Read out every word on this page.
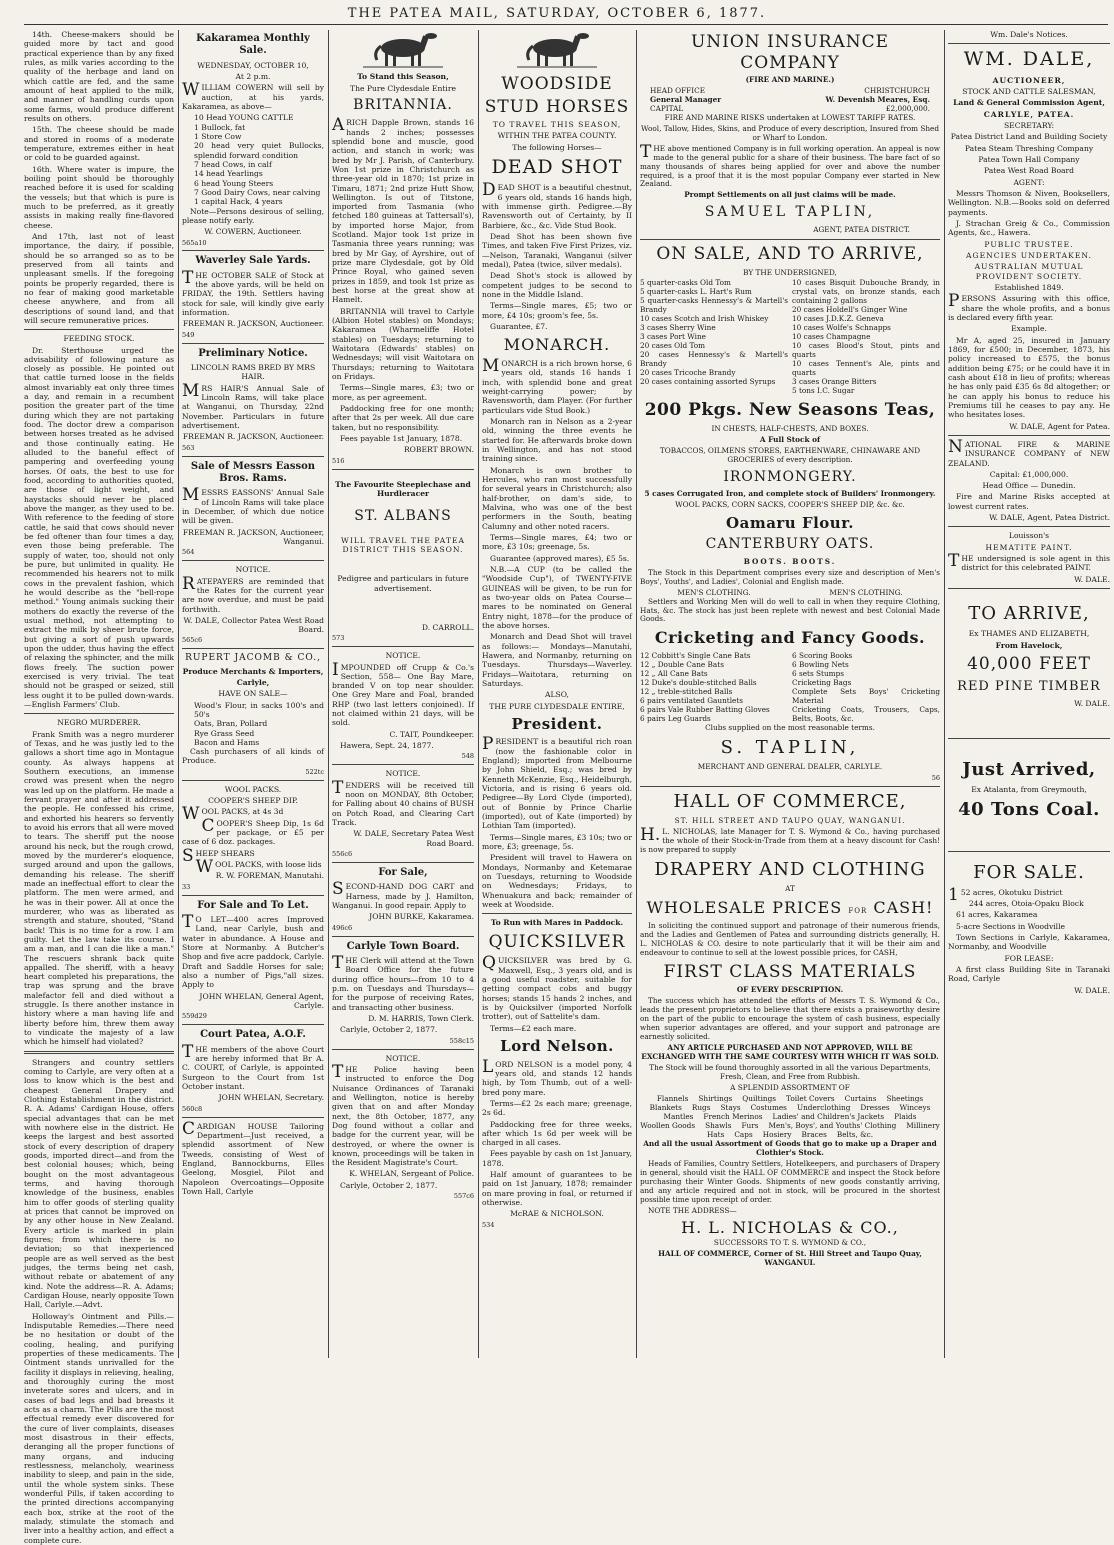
THE PATEA MAIL, SATURDAY, OCTOBER 6, 1877.

14th. Cheese-makers should be guided more by tact and good practical experience than by any fixed rules, as milk varies according to the quality of the herbage and land on which cattle are fed, and the same amount of heat applied to the milk, and manner of handling curds upon some farms, would produce different results on others.

15th. The cheese should be made and stored in rooms of a moderate temperature, extremes either in heat or cold to be guarded against.

16th. Where water is impure, the boiling point should be thoroughly reached before it is used for scalding the vessels; but that which is pure is much to be preferred, as it greatly assists in making really fine-flavored cheese.

And 17th, last not of least importance, the dairy, if possible, should be so arranged so as to be preserved from all taints and unpleasant smells. If the foregoing points be properly regarded, there is no fear of making good marketable cheese anywhere, and from all descriptions of sound land, and that will secure remunerative prices.

FEEDING STOCK.

Dr. Sterthouse urged the advisability of following nature as closely as possible. He pointed out that cattle turned loose in the fields almost invariably eat only three times a day, and remain in a recumbent position the greater part of the time during which they are not partaking food. The doctor drew a comparison between horses treated as he advised and those continually eating. He alluded to the baneful effect of pampering and overfeeding young horses. Of oats, the best to use for food, according to authorities quoted, are those of light weight, and haystacks should never be placed above the manger, as they used to be. With reference to the feeding of store cattle, he said that cows should never be fed oftener than four times a day, even those being preferable. The supply of water, too, should not only be pure, but unlimited in quality. He recommended his hearers not to milk cows in the prevalent fashion, which he would describe as the "bell-rope method." Young animals sucking their mothers do exactly the reverse of the usual method, not attempting to extract the milk by sheer brute force, but giving a sort of push upwards upon the udder, thus having the effect of relaxing the sphincter, and the milk flows freely. The suction power exercised is very trivial. The teat should not be grasped or seized, still less ought it to be pulled down-wards.—English Farmers' Club.

NEGRO MURDERER.

Frank Smith was a negro murderer of Texas, and he was justly led to the gallows a short time ago in Montague county. As always happens at Southern executions, an immense crowd was present when the negro was led up on the platform. He made a fervant prayer and after it addressed the people. He confessed his crime, and exhorted his hearers so fervently to avoid his errors that all were moved to tears. The sheriff put the noose around his neck, but the rough crowd, moved by the murderer's eloquence, surged around and upon the gallows, demanding his release. The sheriff made an ineffectual effort to clear the platform. The men were armed, and he was in their power. All at once the murderer, who was as liberated as strength and stature, shouted, "Stand back! This is no time for a row. I am guilty. Let the law take its course. I am a man, and I can die like a man." The rescuers shrank back quite appalled. The sheriff, with a heavy heart completed his preparations, the trap was sprung and the brave malefactor fell and died without a struggle. Is there another instance in history where a man having life and liberty before him, threw them away to vindicate the majesty of a law which he himself had violated?

Strangers and country settlers coming to Carlyle, are very often at a loss to know which is the best and cheapest General Drapery and Clothing Establishment in the district. R. A. Adams' Cardigan House, offers special advantages that can be met with nowhere else in the district. He keeps the largest and best assorted stock of every description of drapery goods, imported direct—and from the best colonial houses; which, being bought on the most advantageous terms, and having thorough knowledge of the business, enables him to offer goods of sterling quality at prices that cannot be improved on by any other house in New Zealand. Every article is marked in plain figures; from which there is no deviation; so that inexperienced people are as well served as the best judges, the terms being net cash, without rebate or abatement of any kind. Note the address—R. A. Adams; Cardigan House, nearly opposite Town Hall, Carlyle.—Advt.

Holloway's Ointment and Pills.—Indisputable Remedies.—There need be no hesitation or doubt of the cooling, healing, and purifying properties of these medicaments. The Ointment stands unrivalled for the facility it displays in relieving, healing, and thoroughly curing the most inveterate sores and ulcers, and in cases of bad legs and bad breasts it acts as a charm. The Pills are the most effectual remedy ever discovered for the cure of liver complaints, diseases most disastrous in their effects, deranging all the proper functions of many organs, and inducing restlessness, melancholy, weariness inability to sleep, and pain in the side, until the whole system sinks. These wonderful Pills, if taken according to the printed directions accompanying each box, strike at the root of the malady, stimulate the stomach and liver into a healthy action, and effect a complete cure.

Kakaramea Monthly Sale.

WEDNESDAY, OCTOBER 10,

At 2 p.m.

WILLIAM COWERN will sell by auction, at his yards, Kakaramea, as above—

10 Head YOUNG CATTLE
1 Bullock, fat
1 Store Cow
20 head very quiet Bullocks, splendid forward condition
7 head Cows, in calf
14 head Yearlings
6 head Young Steers
7 Good Dairy Cows, near calving
1 capital Hack, 4 years

Note—Persons desirous of selling, please notify early.

W. COWERN, Auctioneer.

565a10

Waverley Sale Yards.

THE OCTOBER SALE of Stock at the above yards, will be held on FRIDAY, the 19th. Settlers having stock for sale, will kindly give early information.

FREEMAN R. JACKSON, Auctioneer.

549

Preliminary Notice.

LINCOLN RAMS BRED BY MRS HAIR.

MRS HAIR'S Annual Sale of Lincoln Rams, will take place at Wanganui, on Thursday, 22nd November. Particulars in future advertisement.

FREEMAN R. JACKSON, Auctioneer.

563

Sale of Messrs Easson Bros. Rams.

MESSRS EASSONS' Annual Sale of Lincoln Rams will take place in December, of which due notice will be given.

FREEMAN R. JACKSON, Auctioneer, Wanganui.

564

NOTICE.

RATEPAYERS are reminded that the Rates for the current year are now overdue, and must be paid forthwith.

W. DALE, Collector Patea West Road Board.

565c6

RUPERT JACOMB & CO.,

Produce Merchants & Importers,

Carlyle,

HAVE ON SALE—

Wood's Flour, in sacks 100's and 50's
Oats, Bran, Pollard
Rye Grass Seed
Bacon and Hams

Cash purchasers of all kinds of Produce.

522tc

WOOL PACKS.

COOPER'S SHEEP DIP.

WOOL PACKS, at 4s 3d

COOPER'S Sheep Dip, 1s 6d per package, or £5 per case of 6 doz. packages.

SHEEP SHEARS

WOOL PACKS, with loose lids

R. W. FOREMAN, Manutahi.

33

For Sale and To Let.

TO LET—400 acres Improved Land, near Carlyle, bush and water in abundance. A House and Store at Normanby. A Butcher's Shop and five acre paddock, Carlyle. Draft and Saddle Horses for sale; also a number of Pigs,"all sizes. Apply to

JOHN WHELAN, General Agent, Carlyle.

559d29

Court Patea, A.O.F.

THE members of the above Court are hereby informed that Br A. C. COURT, of Carlyle, is appointed Surgeon to the Court from 1st October instant.

JOHN WHELAN, Secretary.

560c8

CARDIGAN HOUSE Tailoring Department—Just received, a splendid assortment of New Tweeds, consisting of West of England, Bannockburns, Elles Geelong, Mosgiel, Pilot and Napoleon Overcoatings—Opposite Town Hall, Carlyle

To Stand this Season,

The Pure Clydesdale Entire

BRITANNIA.

ARICH Dapple Brown, stands 16 hands 2 inches; possesses splendid bone and muscle, good action, and stanch in work; was bred by Mr J. Parish, of Canterbury. Won 1st prize in Christchurch as three-year old in 1870; 1st prize in Timaru, 1871; 2nd prize Hutt Show, Wellington. Is out of Titstone, imported from Tasmania (who fetched 180 guineas at Tattersall's), by imported horse Major, from Scotland. Major took 1st prize in Tasmania three years running; was bred by Mr Gay, of Ayrshire, out of prize mare Clydesdale, got by Old Prince Royal, who gained seven prizes in 1859, and took 1st prize as best horse at the great show at Hamelt.

BRITANNIA will travel to Carlyle (Albion Hotel stables) on Mondays; Kakaramea (Wharmeliffe Hotel stables) on Tuesdays; returning to Waitotara (Edwards' stables) on Wednesdays; will visit Waitotara on Thursdays; returning to Waitotara on Fridays.

Terms—Single mares, £3; two or more, as per agreement.

Paddocking free for one month; after that 2s per week. All due care taken, but no responsibility.

Fees payable 1st January, 1878.

ROBERT BROWN.

516

The Favourite Steeplechase and Hurdleracer

ST. ALBANS

WILL TRAVEL THE PATEA DISTRICT THIS SEASON.

Pedigree and particulars in future advertisement.

D. CARROLL.

573

NOTICE.

IMPOUNDED off Crupp & Co.'s Section, 558— One Bay Mare, branded V on top near shoulder. One Grey Mare and Foal, branded RHP (two last letters conjoined). If not claimed within 21 days, will be sold.

C. TAIT, Poundkeeper.

Hawera, Sept. 24, 1877.

548

NOTICE.

TENDERS will be received till noon on MONDAY, 8th October, for Falling about 40 chains of BUSH on Potch Road, and Clearing Cart Track.

W. DALE, Secretary Patea West Road Board.

556c6

For Sale,

SECOND-HAND DOG CART and Harness, made by J. Hamilton, Wanganui. In good repair. Apply to

JOHN BURKE, Kakaramea.

496c6

Carlyle Town Board.

THE Clerk will attend at the Town Board Office for the future during office hours—from 10 to 4 p.m. on Tuesdays and Thursdays—for the purpose of receiving Rates, and transacting other business.

D. M. HARRIS, Town Clerk.

Carlyle, October 2, 1877.

558c15

NOTICE.

THE Police having been instructed to enforce the Dog Nuisance Ordinances of Taranaki and Wellington, notice is hereby given that on and after Monday next, the 8th October, 1877, any Dog found without a collar and badge for the current year, will be destroyed, or where the owner is known, proceedings will be taken in the Resident Magistrate's Court.

K. WHELAN, Sergeant of Police.

Carlyle, October 2, 1877.

557c6

WOODSIDE
STUD HORSES

TO TRAVEL THIS SEASON,

WITHIN THE PATEA COUNTY.

The following Horses—

DEAD SHOT

DEAD SHOT is a beautiful chestnut, 6 years old, stands 16 hands high, with immense girth. Pedigree.—By Ravensworth out of Certainty, by II Barbiere, &c., &c. Vide Stud Book.

Dead Shot has been shown five Times, and taken Five First Prizes, viz.—Nelson, Taranaki, Wanganui (silver medal), Patea (twice, silver medals).

Dead Shot's stock is allowed by competent judges to be second to none in the Middle Island.

Terms—Single mares, £5; two or more, £4 10s; groom's fee, 5s.

Guarantee, £7.

MONARCH.

MONARCH is a rich brown horse, 6 years old, stands 16 hands 1 inch, with splendid bone and great weight-carrying power; by Ravensworth, dam Player. (For further particulars vide Stud Book.)

Monarch ran in Nelson as a 2-year old, winning the three events he started for. He afterwards broke down in Wellington, and has not stood training since.

Monarch is own brother to Hercules, who ran most successfully for several years in Christchurch; also half-brother, on dam's side, to Malvina, who was one of the best performers in the South, beating Calumny and other noted racers.

Terms—Single mares, £4; two or more, £3 10s; greenage, 5s.

Guarantee (approved mares), £5 5s.

N.B.—A CUP (to be called the "Woodside Cup"), of TWENTY-FIVE GUINEAS will be given, to be run for as two-year olds on Patea Course—mares to be nominated on General Entry night, 1878—for the produce of the above horses.

Monarch and Dead Shot will travel as follows:— Mondays—Manutahi, Hawera, and Normanby, returning on Tuesdays. Thursdays—Waverley. Fridays—Waitotara, returning on Saturdays.

ALSO,

THE PURE CLYDESDALE ENTIRE,

President.

PRESIDENT is a beautiful rich roan (now the fashionable color in England); imported from Melbourne by John Shield, Esq.; was bred by Kenneth McKenzie, Esq., Heidelburgh, Victoria, and is rising 6 years old. Pedigree—By Lord Clyde (imported), out of Bonnie by Prince Charlie (imported), out of Kate (imported) by Lothian Tam (imported).

Terms—Single mares, £3 10s; two or more, £3; greenage, 5s.

President will travel to Hawera on Mondays, Normanby and Ketemarae on Tuesdays, returning to Woodside on Wednesdays; Fridays, to Whenuakura and back; remainder of week at Woodside.

To Run with Mares in Paddock.

QUICKSILVER

QUICKSILVER was bred by G. Maxwell, Esq., 3 years old, and is a good useful roadster, suitable for getting compact cobs and buggy horses; stands 15 hands 2 inches, and is by Quicksilver (imported Norfolk trotter), out of Sattelite's dam.

Terms—£2 each mare.

Lord Nelson.

LORD NELSON is a model pony, 4 years old, and stands 12 hands high, by Tom Thumb, out of a well-bred pony mare.

Terms—£2 2s each mare; greenage, 2s 6d.

Paddocking free for three weeks, after which 1s 6d per week will be charged in all cases.

Fees payable by cash on 1st January, 1878.

Half amount of guarantees to be paid on 1st January, 1878; remainder on mare proving in foal, or returned if otherwise.

McRAE & NICHOLSON.

534

UNION INSURANCE COMPANY

(FIRE AND MARINE.)

HEAD OFFICE
General Manager
CAPITAL
CHRISTCHURCH
W. Devenish Meares, Esq.
£2,000,000.

FIRE AND MARINE RISKS undertaken at LOWEST TARIFF RATES.

Wool, Tallow, Hides, Skins, and Produce of every description, Insured from Shed or Wharf to London.

THE above mentioned Company is in full working operation. An appeal is now made to the general public for a share of their business. The bare fact of so many thousands of shares being applied for over and above the number required, is a proof that it is the most popular Company ever started in New Zealand.

Prompt Settlements on all just claims will be made.

SAMUEL TAPLIN,

AGENT, PATEA DISTRICT.

ON SALE, AND TO ARRIVE,

BY THE UNDERSIGNED,

5 quarter-casks Old Tom
5 quarter-casks L. Hart's Rum
5 quarter-casks Hennessy's & Martell's Brandy
10 cases Scotch and Irish Whiskey
3 cases Sherry Wine
3 cases Port Wine
20 cases Old Tom
20 cases Hennessy's & Martell's Brandy
20 cases Tricoche Brandy
20 cases containing assorted Syrups
10 cases Bisquit Dubouche Brandy, in crystal vats, on bronze stands, each containing 2 gallons
20 cases Holdell's Ginger Wine
10 cases J.D.K.Z. Geneva
10 cases Wolfe's Schnapps
10 cases Champagne
10 cases Blood's Stout, pints and quarts
10 cases Tennent's Ale, pints and quarts
3 cases Orange Bitters
5 tons I.C. Sugar
200 Pkgs. New Seasons Teas,

IN CHESTS, HALF-CHESTS, AND BOXES.

A Full Stock of

TOBACCOS, OILMENS STORES, EARTHENWARE, CHINAWARE AND GROCERIES of every description.

IRONMONGERY.

5 cases Corrugated Iron, and complete stock of Builders' Ironmongery.

WOOL PACKS, CORN SACKS, COOPER'S SHEEP DIP, &c. &c.

Oamaru Flour.
CANTERBURY OATS.

BOOTS. BOOTS.

The Stock in this Department comprises every size and description of Men's Boys', Youths', and Ladies', Colonial and English made.

MEN'S CLOTHING.	MEN'S CLOTHING.

Settlers and Working Men will do well to call in when they require Clothing, Hats, &c. The stock has just been replete with newest and best Colonial Made Goods.

Cricketing and Fancy Goods.
12 Cobbitt's Single Cane Bats
12 „ Double Cane Bats
12 „ All Cane Bats
12 Duke's double-stitched Balls
12 „ treble-stitched Balls
6 pairs ventilated Gauntlets
6 pairs Vale Rubber Batting Gloves
6 pairs Leg Guards
6 Scoring Books
6 Bowling Nets
6 sets Stumps
Cricketing Bags
Complete Sets Boys' Cricketing Material
Cricketing Coats, Trousers, Caps, Belts, Boots, &c.

Clubs supplied on the most reasonable terms.

S. TAPLIN,

MERCHANT AND GENERAL DEALER, CARLYLE.

56

HALL OF COMMERCE,

ST. HILL STREET AND TAUPO QUAY, WANGANUI.

H.L. NICHOLAS, late Manager for T. S. Wymond & Co., having purchased the whole of their Stock-in-Trade from them at a heavy discount for Cash! is now prepared to supply

DRAPERY AND CLOTHING

AT

WHOLESALE PRICES FOR CASH!

In soliciting the continued support and patronage of their numerous friends, and the Ladies and Gentlemen of Patea and surrounding districts generally, H. L. NICHOLAS & CO. desire to note particularly that it will be their aim and endeavour to continue to sell at the lowest possible prices, for CASH,

FIRST CLASS MATERIALS

OF EVERY DESCRIPTION.

The success which has attended the efforts of Messrs T. S. Wymond & Co., leads the present proprietors to believe that there exists a praiseworthy desire on the part of the public to encourage the system of cash business, especially when superior advantages are offered, and your support and patronage are earnestly solicited.

ANY ARTICLE PURCHASED AND NOT APPROVED, WILL BE EXCHANGED WITH THE SAME COURTESY WITH WHICH IT WAS SOLD.

The Stock will be found thoroughly assorted in all the various Departments, Fresh, Clean, and Free from Rubbish.

A SPLENDID ASSORTMENT OF

Flannels Shirtings Quiltings Toilet Covers Curtains Sheetings
Blankets Rugs Stays Costumes Underclothing Dresses Winceys
Mantles French Merinos Ladies' and Children's Jackets Plaids
Woollen Goods Shawls Furs Men's, Boys', and Youths' Clothing Millinery
Hats Caps Hosiery Braces Belts, &c.

And all the usual Assortment of Goods that go to make up a Draper and Clothier's Stock.

Heads of Families, Country Settlers, Hotelkeepers, and purchasers of Drapery in general, should visit the HALL OF COMMERCE and inspect the Stock before purchasing their Winter Goods. Shipments of new goods constantly arriving, and any article required and not in stock, will be procured in the shortest possible time upon receipt of order.

NOTE THE ADDRESS—

H. L. NICHOLAS & CO.,

SUCCESSORS TO T. S. WYMOND & CO.,

HALL OF COMMERCE, Corner of St. Hill Street and Taupo Quay, WANGANUI.

Wm. Dale's Notices.

WM. DALE,

AUCTIONEER,

STOCK AND CATTLE SALESMAN,

Land & General Commission Agent,

CARLYLE, PATEA.

SECRETARY:

Patea District Land and Building Society

Patea Steam Threshing Company

Patea Town Hall Company

Patea West Road Board

AGENT:

Messrs Thomson & Niven, Booksellers, Wellington. N.B.—Books sold on deferred payments.

J. Strachan Greig & Co., Commission Agents, &c., Hawera.

PUBLIC TRUSTEE.

AGENCIES UNDERTAKEN.

AUSTRALIAN MUTUAL PROVIDENT SOCIETY.

Established 1849.

PERSONS Assuring with this office, share the whole profits, and a bonus is declared every fifth year.

Example.

Mr A, aged 25, insured in January 1869, for £500; in December, 1873, his policy increased to £575, the bonus addition being £75; or he could have it in cash about £18 in lieu of profits; whereas he has only paid £35 6s 8d altogether; or he can apply his bonus to reduce his Premiums till he ceases to pay any. He who hesitates loses.

W. DALE, Agent for Patea.

NATIONAL FIRE & MARINE INSURANCE COMPANY of NEW ZEALAND.

Capital: £1,000,000.

Head Office — Dunedin.

Fire and Marine Risks accepted at lowest current rates.

W. DALE, Agent, Patea District.

Louisson's

HEMATITE PAINT.

THE undersigned is sole agent in this district for this celebrated PAINT.

W. DALE.

TO ARRIVE,

Ex THAMES AND ELIZABETH,

From Havelock,

40,000 FEET
RED PINE TIMBER

W. DALE.

Just Arrived,

Ex Atalanta, from Greymouth,

40 Tons Coal.
FOR SALE.

152 acres, Okotuku District

244 acres, Otoia-Opaku Block

61 acres, Kakaramea

5-acre Sections in Woodville

Town Sections in Carlyle, Kakaramea, Normanby, and Woodville

FOR LEASE:

A first class Building Site in Taranaki Road, Carlyle

W. DALE.
